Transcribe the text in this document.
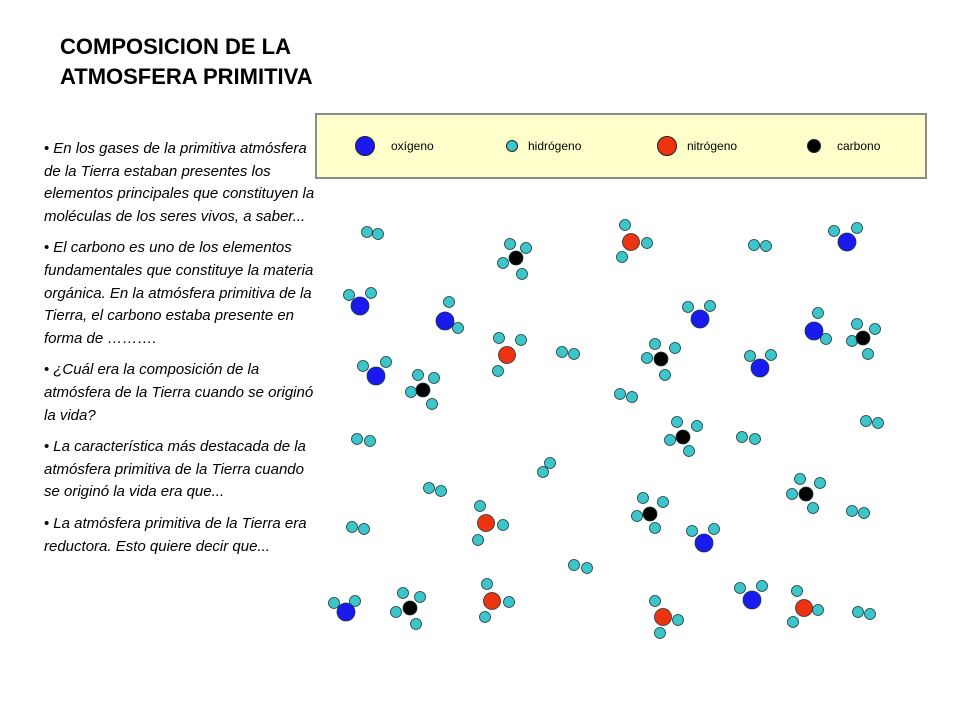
COMPOSICION DE LA
ATMOSFERA PRIMITIVA
• En los gases de la primitiva atmósfera de la Tierra estaban presentes los elementos principales que constituyen la moléculas de los seres vivos, a saber...
• El carbono es uno de los elementos fundamentales que constituye la materia orgánica. En la atmósfera primitiva de la Tierra, el carbono estaba presente en forma de ……….
• ¿Cuál era la composición de la atmósfera de la Tierra cuando se originó la vida?
• La característica más destacada de la atmósfera primitiva de la Tierra cuando se originó la vida era que...
• La atmósfera primitiva de la Tierra era reductora. Esto quiere decir que...
oxígeno	hidrógeno	nitrógeno	carbono
